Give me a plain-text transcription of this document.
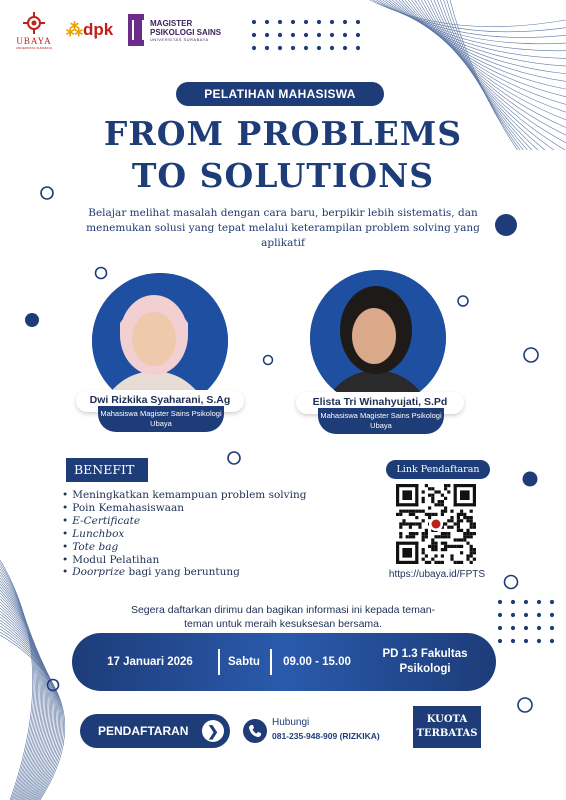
UBAYA
UNIVERSITAS SURABAYA
⁂dpk	MAGISTER
PSIKOLOGI SAINS
UNIVERSITAS SURABAYA
PELATIHAN MAHASISWA
FROM PROBLEMS
TO SOLUTIONS
Belajar melihat masalah dengan cara baru, berpikir lebih sistematis, dan menemukan solusi yang tepat melalui keterampilan problem solving yang aplikatif
Dwi Rizkika Syaharani, S.Ag
Mahasiswa Magister Sains Psikologi Ubaya
Elista Tri Winahyujati, S.Pd
Mahasiswa Magister Sains Psikologi Ubaya
BENEFIT
• Meningkatkan kemampuan problem solving
• Poin Kemahasiswaan
• E-Certificate
• Lunchbox
• Tote bag
• Modul Pelatihan
• Doorprize bagi yang beruntung
Link Pendaftaran
https://ubaya.id/FPTS
Segera daftarkan dirimu dan bagikan informasi ini kepada teman-teman untuk meraih kesuksesan bersama.
17 Januari 2026	Sabtu	09.00 - 15.00
PD 1.3 Fakultas Psikologi
PENDAFTARAN	❯
Hubungi
081-235-948-909 (RIZKIKA)
KUOTA
TERBATAS
